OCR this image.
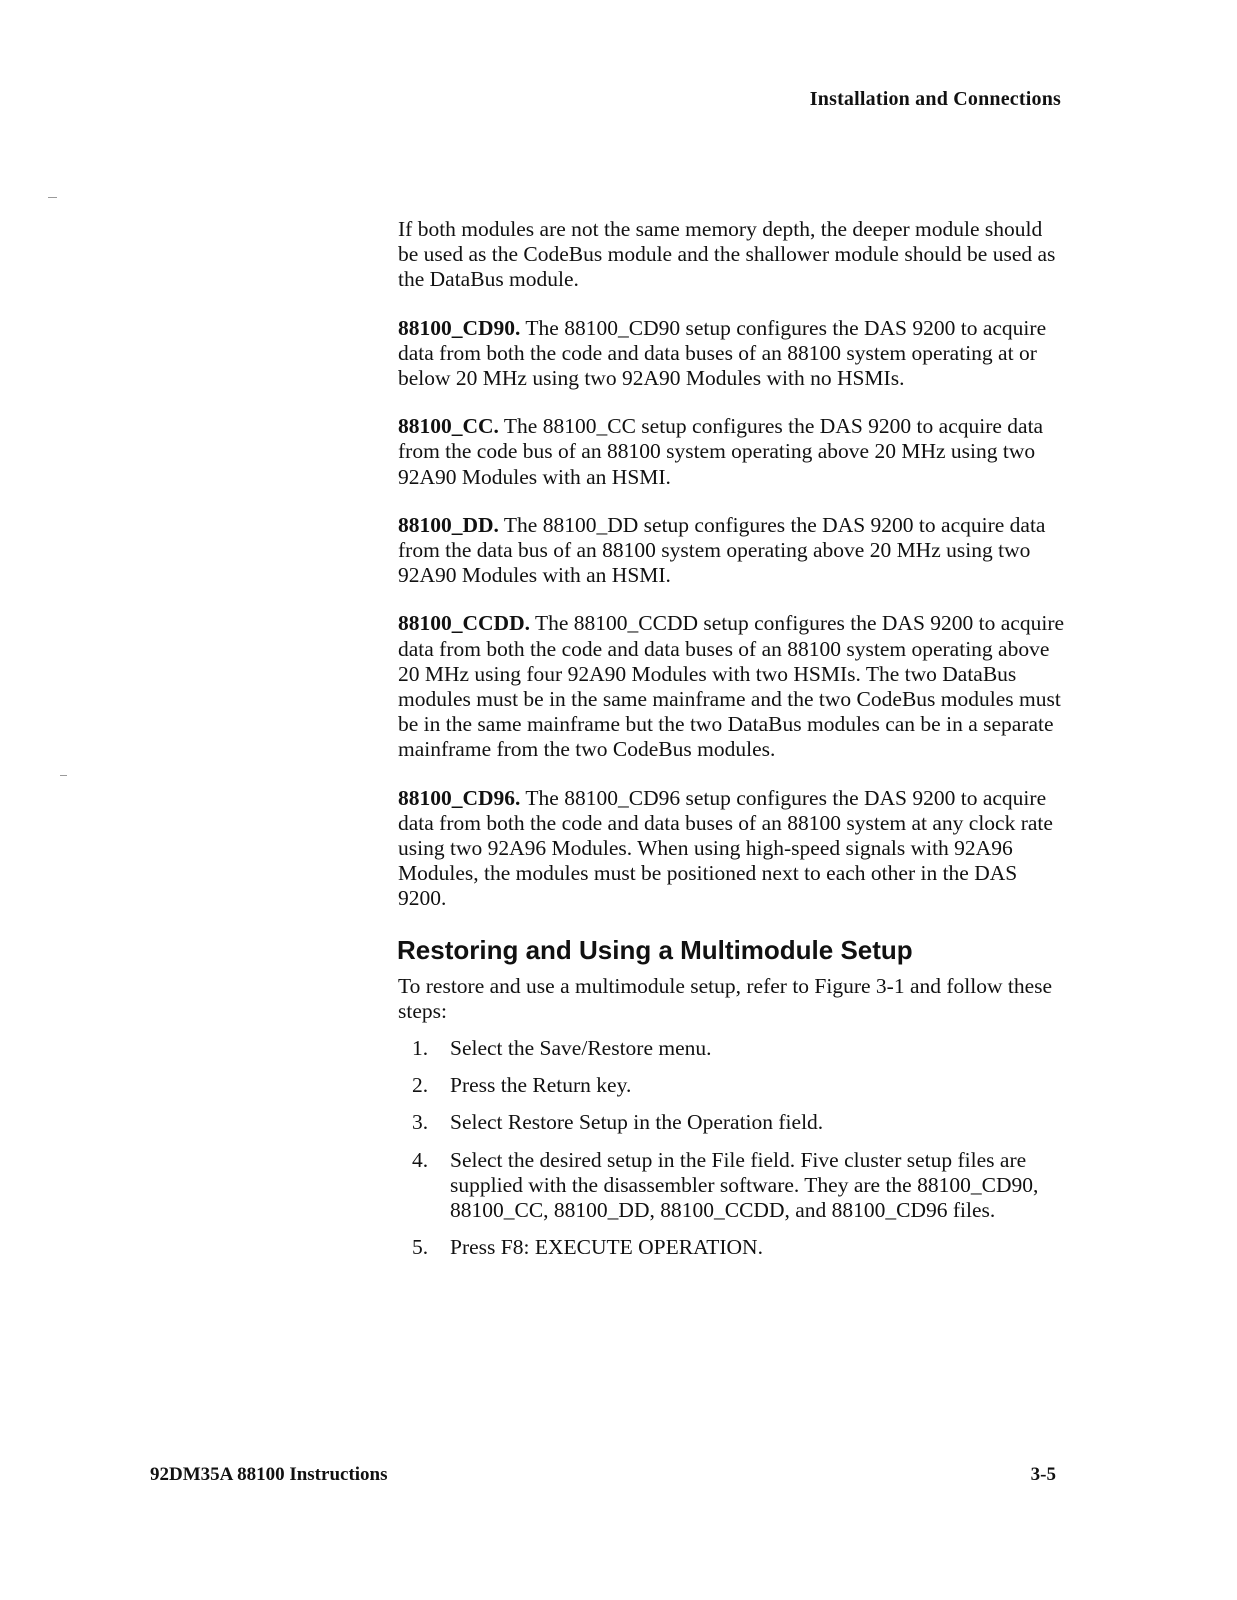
Installation and Connections

If both modules are not the same memory depth, the deeper module should be used as the CodeBus module and the shallower module should be used as the DataBus module.

88100_CD90. The 88100_CD90 setup configures the DAS 9200 to acquire data from both the code and data buses of an 88100 system operating at or below 20 MHz using two 92A90 Modules with no HSMIs.

88100_CC. The 88100_CC setup configures the DAS 9200 to acquire data from the code bus of an 88100 system operating above 20 MHz using two 92A90 Modules with an HSMI.

88100_DD. The 88100_DD setup configures the DAS 9200 to acquire data from the data bus of an 88100 system operating above 20 MHz using two 92A90 Modules with an HSMI.

88100_CCDD. The 88100_CCDD setup configures the DAS 9200 to acquire data from both the code and data buses of an 88100 system operating above 20 MHz using four 92A90 Modules with two HSMIs. The two DataBus modules must be in the same mainframe and the two CodeBus modules must be in the same mainframe but the two DataBus modules can be in a separate mainframe from the two CodeBus modules.

88100_CD96. The 88100_CD96 setup configures the DAS 9200 to acquire data from both the code and data buses of an 88100 system at any clock rate using two 92A96 Modules. When using high-speed signals with 92A96 Modules, the modules must be positioned next to each other in the DAS 9200.

Restoring and Using a Multimodule Setup

To restore and use a multimodule setup, refer to Figure 3-1 and follow these steps:

1. Select the Save/Restore menu.
2. Press the Return key.
3. Select Restore Setup in the Operation field.
4. Select the desired setup in the File field. Five cluster setup files are supplied with the disassembler software. They are the 88100_CD90, 88100_CC, 88100_DD, 88100_CCDD, and 88100_CD96 files.
5. Press F8: EXECUTE OPERATION.
92DM35A 88100 Instructions	3-5
